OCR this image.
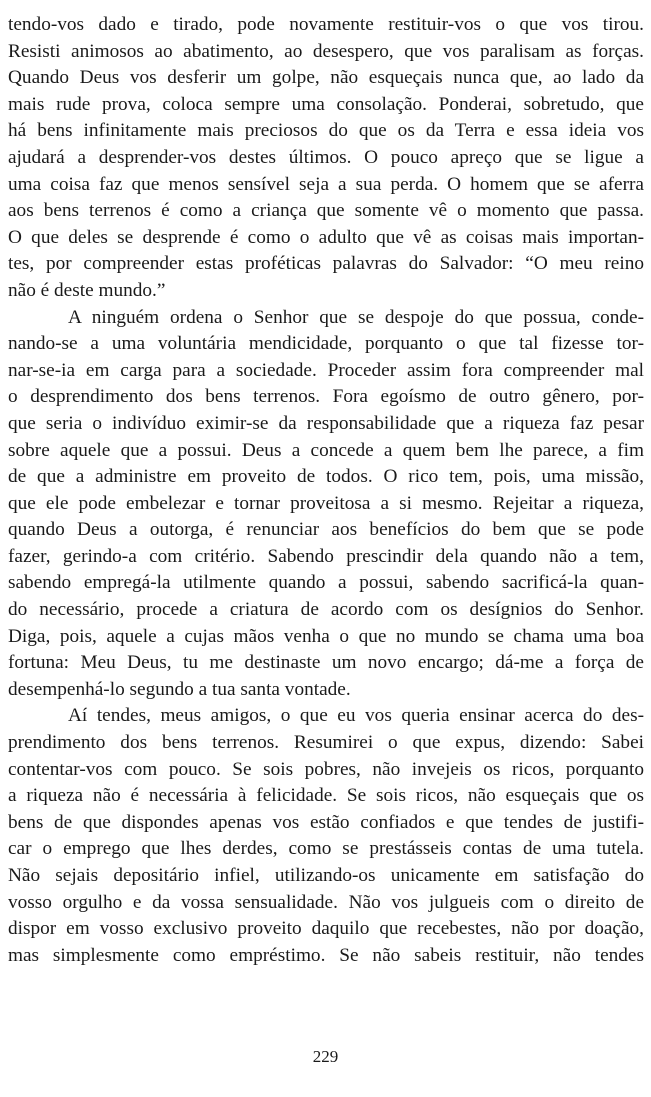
tendo-vos dado e tirado, pode novamente restituir-vos o que vos tirou.
Resisti animosos ao abatimento, ao desespero, que vos paralisam as forças.
Quando Deus vos desferir um golpe, não esqueçais nunca que, ao lado da
mais rude prova, coloca sempre uma consolação. Ponderai, sobretudo, que
há bens infinitamente mais preciosos do que os da Terra e essa ideia vos
ajudará a desprender-vos destes últimos. O pouco apreço que se ligue a
uma coisa faz que menos sensível seja a sua perda. O homem que se aferra
aos bens terrenos é como a criança que somente vê o momento que passa.
O que deles se desprende é como o adulto que vê as coisas mais importan-
tes, por compreender estas proféticas palavras do Salvador: “O meu reino
não é deste mundo.”
A ninguém ordena o Senhor que se despoje do que possua, conde-
nando-se a uma voluntária mendicidade, porquanto o que tal fizesse tor-
nar-se-ia em carga para a sociedade. Proceder assim fora compreender mal
o desprendimento dos bens terrenos. Fora egoísmo de outro gênero, por-
que seria o indivíduo eximir-se da responsabilidade que a riqueza faz pesar
sobre aquele que a possui. Deus a concede a quem bem lhe parece, a fim
de que a administre em proveito de todos. O rico tem, pois, uma missão,
que ele pode embelezar e tornar proveitosa a si mesmo. Rejeitar a riqueza,
quando Deus a outorga, é renunciar aos benefícios do bem que se pode
fazer, gerindo-a com critério. Sabendo prescindir dela quando não a tem,
sabendo empregá-la utilmente quando a possui, sabendo sacrificá-la quan-
do necessário, procede a criatura de acordo com os desígnios do Senhor.
Diga, pois, aquele a cujas mãos venha o que no mundo se chama uma boa
fortuna: Meu Deus, tu me destinaste um novo encargo; dá-me a força de
desempenhá-lo segundo a tua santa vontade.
Aí tendes, meus amigos, o que eu vos queria ensinar acerca do des-
prendimento dos bens terrenos. Resumirei o que expus, dizendo: Sabei
contentar-vos com pouco. Se sois pobres, não invejeis os ricos, porquanto
a riqueza não é necessária à felicidade. Se sois ricos, não esqueçais que os
bens de que dispondes apenas vos estão confiados e que tendes de justifi-
car o emprego que lhes derdes, como se prestásseis contas de uma tutela.
Não sejais depositário infiel, utilizando-os unicamente em satisfação do
vosso orgulho e da vossa sensualidade. Não vos julgueis com o direito de
dispor em vosso exclusivo proveito daquilo que recebestes, não por doação,
mas simplesmente como empréstimo. Se não sabeis restituir, não tendes
229
